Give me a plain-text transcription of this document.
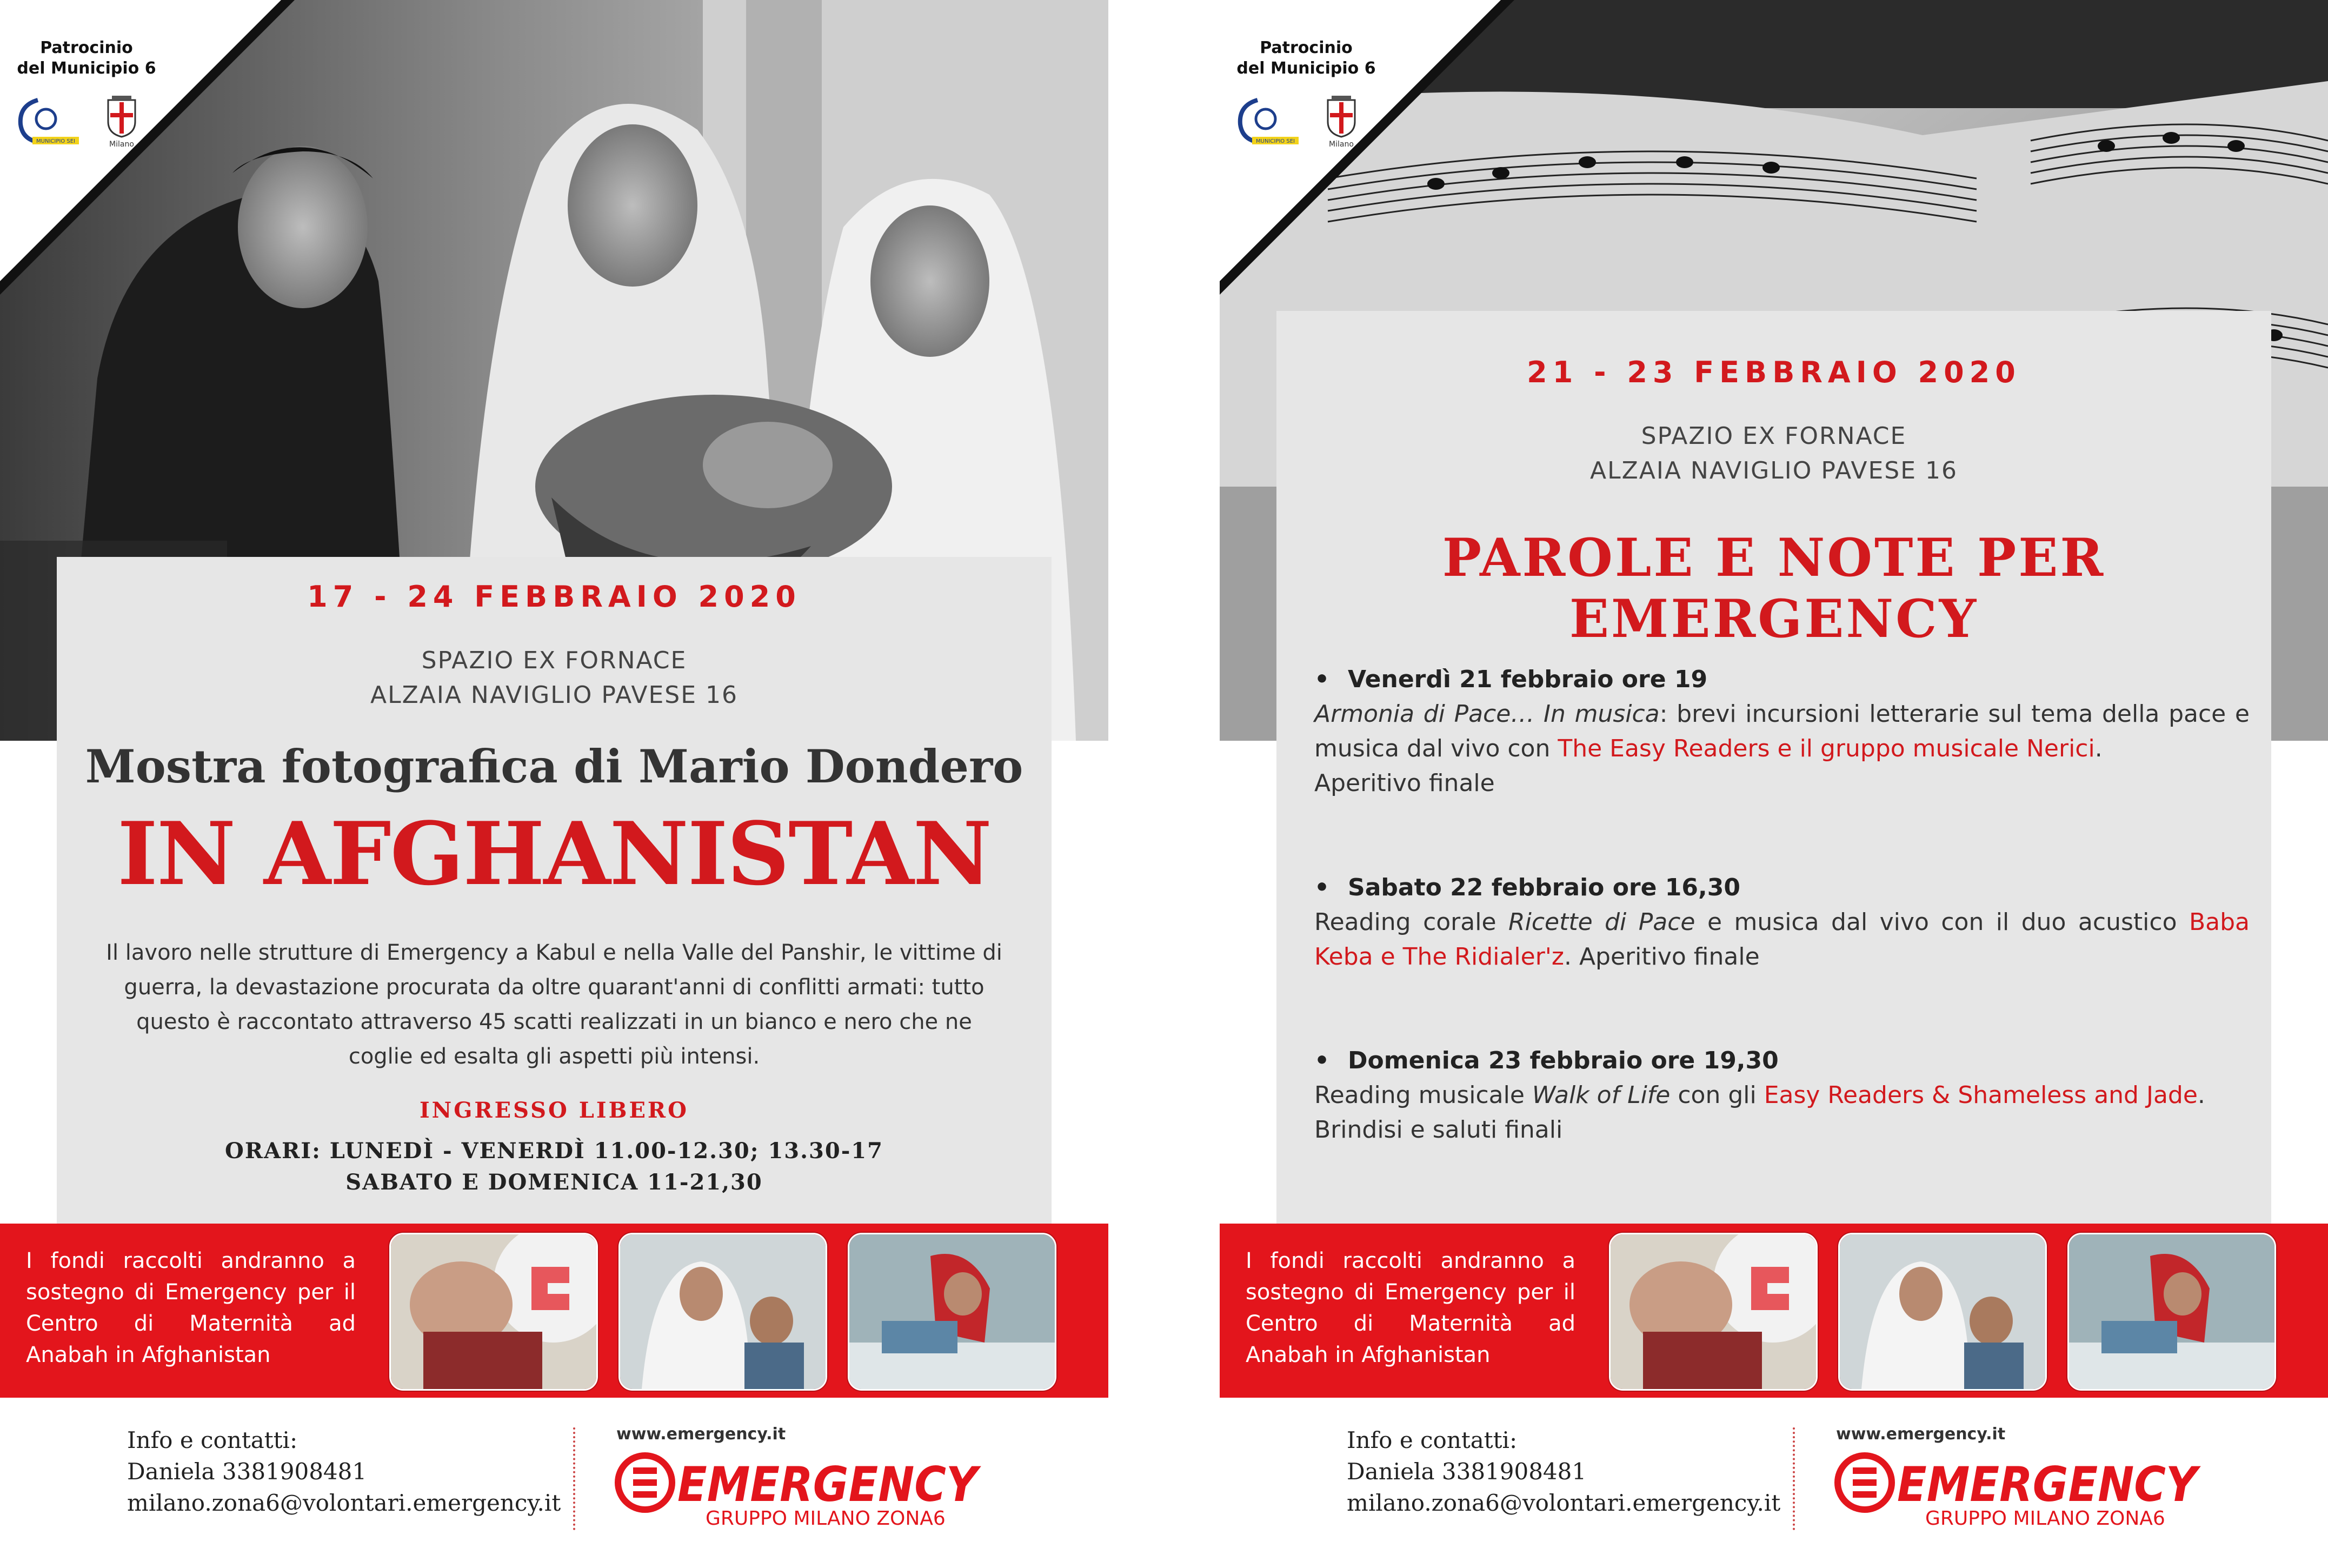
Patrocinio
del Municipio 6
MUNICIPIO SEI	Milano
17 - 24 FEBBRAIO 2020
SPAZIO EX FORNACE
ALZAIA NAVIGLIO PAVESE 16
Mostra fotografica di Mario Dondero
IN AFGHANISTAN
Il lavoro nelle strutture di Emergency a Kabul e nella Valle del Panshir, le vittime di
guerra, la devastazione procurata da oltre quarant'anni di conflitti armati: tutto
questo è raccontato attraverso 45 scatti realizzati in un bianco e nero che ne
coglie ed esalta gli aspetti più intensi.
INGRESSO LIBERO
ORARI: LUNEDÌ - VENERDÌ 11.00-12.30; 13.30-17
SABATO E DOMENICA 11-21,30
I fondi raccolti andranno a sostegno di Emergency per il Centro di Maternità ad Anabah in Afghanistan
Info e contatti:
Daniela 3381908481
milano.zona6@volontari.emergency.it
www.emergency.it
EMERGENCY
GRUPPO MILANO ZONA6
Patrocinio
del Municipio 6
MUNICIPIO SEI	Milano
21 - 23 FEBBRAIO 2020
SPAZIO EX FORNACE
ALZAIA NAVIGLIO PAVESE 16
PAROLE E NOTE PER EMERGENCY
• Venerdì 21 febbraio ore 19
Armonia di Pace… In musica: brevi incursioni letterarie sul tema della pace e musica dal vivo con The Easy Readers e il gruppo musicale Nerici.
Aperitivo finale
• Sabato 22 febbraio ore 16,30
Reading corale Ricette di Pace e musica dal vivo con il duo acustico Baba Keba e The Ridialer'z. Aperitivo finale
• Domenica 23 febbraio ore 19,30
Reading musicale Walk of Life con gli Easy Readers & Shameless and Jade.
Brindisi e saluti finali
I fondi raccolti andranno a sostegno di Emergency per il Centro di Maternità ad Anabah in Afghanistan
Info e contatti:
Daniela 3381908481
milano.zona6@volontari.emergency.it
www.emergency.it
EMERGENCY
GRUPPO MILANO ZONA6
